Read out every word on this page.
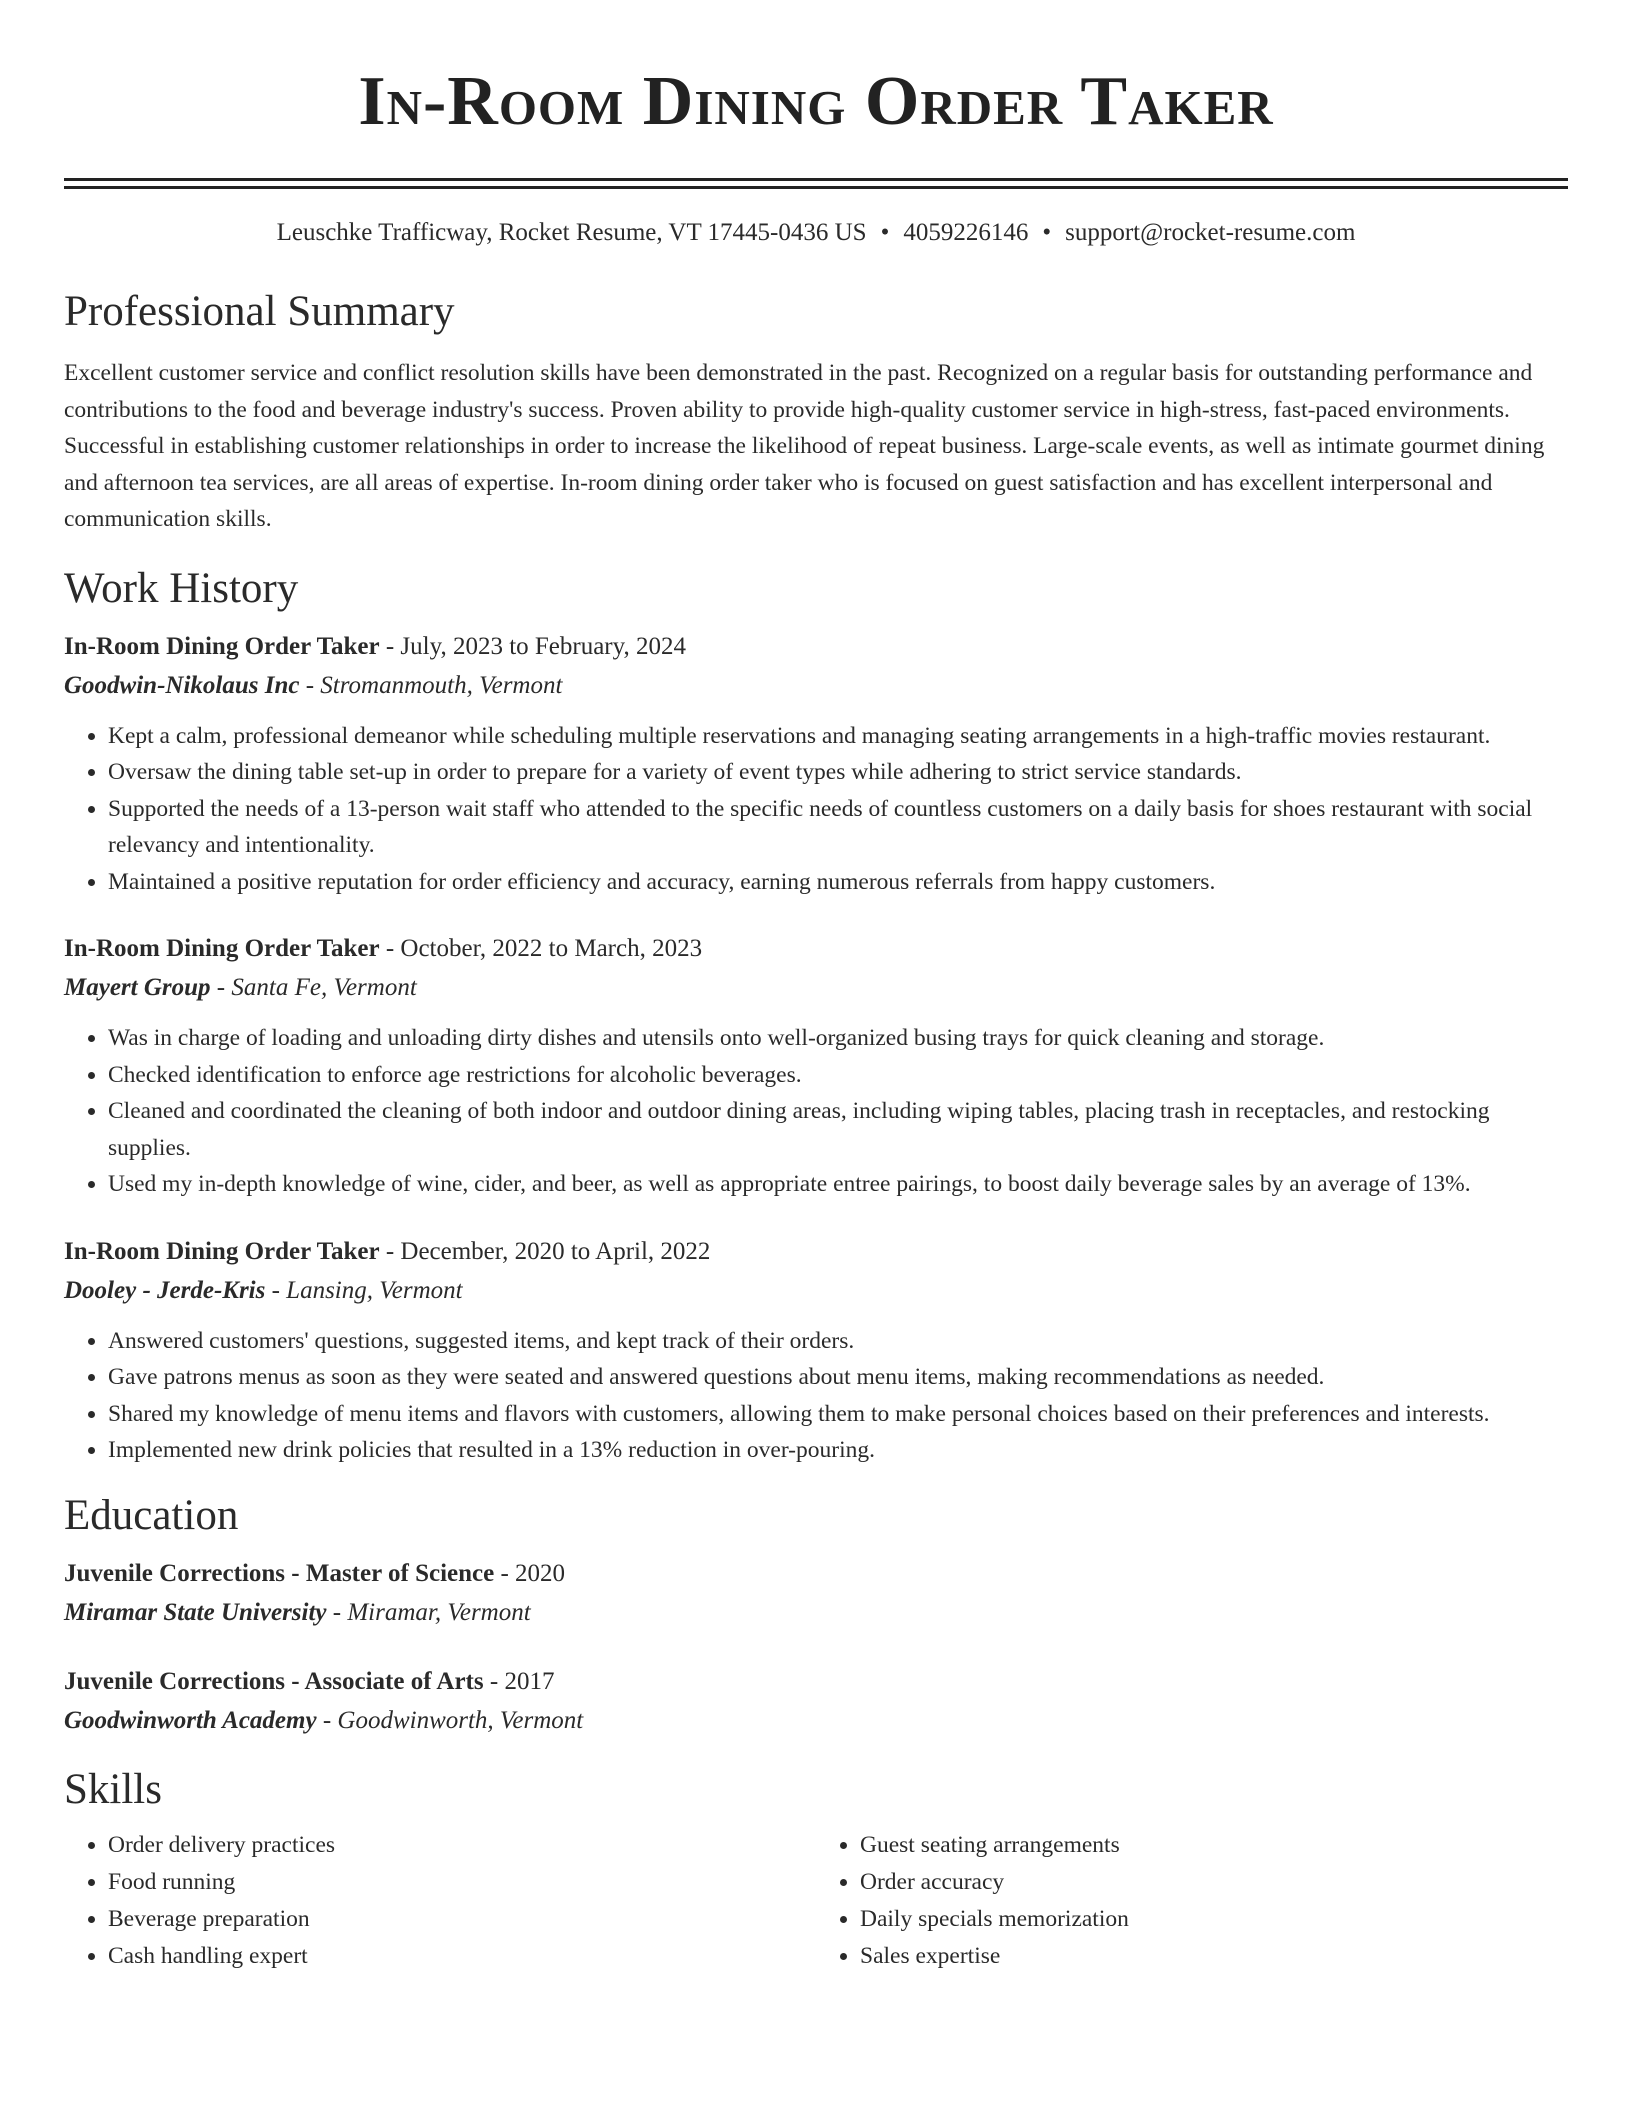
In-Room Dining Order Taker
Leuschke Trafficway, Rocket Resume, VT 17445-0436 US • 4059226146 • support@rocket-resume.com
Professional Summary

Excellent customer service and conflict resolution skills have been demonstrated in the past. Recognized on a regular basis for outstanding performance and contributions to the food and beverage industry's success. Proven ability to provide high-quality customer service in high-stress, fast-paced environments. Successful in establishing customer relationships in order to increase the likelihood of repeat business. Large-scale events, as well as intimate gourmet dining and afternoon tea services, are all areas of expertise. In-room dining order taker who is focused on guest satisfaction and has excellent interpersonal and communication skills.

Work History
In-Room Dining Order Taker - July, 2023 to February, 2024
Goodwin-Nikolaus Inc - Stromanmouth, Vermont
• Kept a calm, professional demeanor while scheduling multiple reservations and managing seating arrangements in a high-traffic movies restaurant.
• Oversaw the dining table set-up in order to prepare for a variety of event types while adhering to strict service standards.
• Supported the needs of a 13-person wait staff who attended to the specific needs of countless customers on a daily basis for shoes restaurant with social relevancy and intentionality.
• Maintained a positive reputation for order efficiency and accuracy, earning numerous referrals from happy customers.
In-Room Dining Order Taker - October, 2022 to March, 2023
Mayert Group - Santa Fe, Vermont
• Was in charge of loading and unloading dirty dishes and utensils onto well-organized busing trays for quick cleaning and storage.
• Checked identification to enforce age restrictions for alcoholic beverages.
• Cleaned and coordinated the cleaning of both indoor and outdoor dining areas, including wiping tables, placing trash in receptacles, and restocking supplies.
• Used my in-depth knowledge of wine, cider, and beer, as well as appropriate entree pairings, to boost daily beverage sales by an average of 13%.
In-Room Dining Order Taker - December, 2020 to April, 2022
Dooley - Jerde-Kris - Lansing, Vermont
• Answered customers' questions, suggested items, and kept track of their orders.
• Gave patrons menus as soon as they were seated and answered questions about menu items, making recommendations as needed.
• Shared my knowledge of menu items and flavors with customers, allowing them to make personal choices based on their preferences and interests.
• Implemented new drink policies that resulted in a 13% reduction in over-pouring.
Education
Juvenile Corrections - Master of Science - 2020
Miramar State University - Miramar, Vermont
Juvenile Corrections - Associate of Arts - 2017
Goodwinworth Academy - Goodwinworth, Vermont
Skills
• Order delivery practices
• Food running
• Beverage preparation
• Cash handling expert
• Guest seating arrangements
• Order accuracy
• Daily specials memorization
• Sales expertise
